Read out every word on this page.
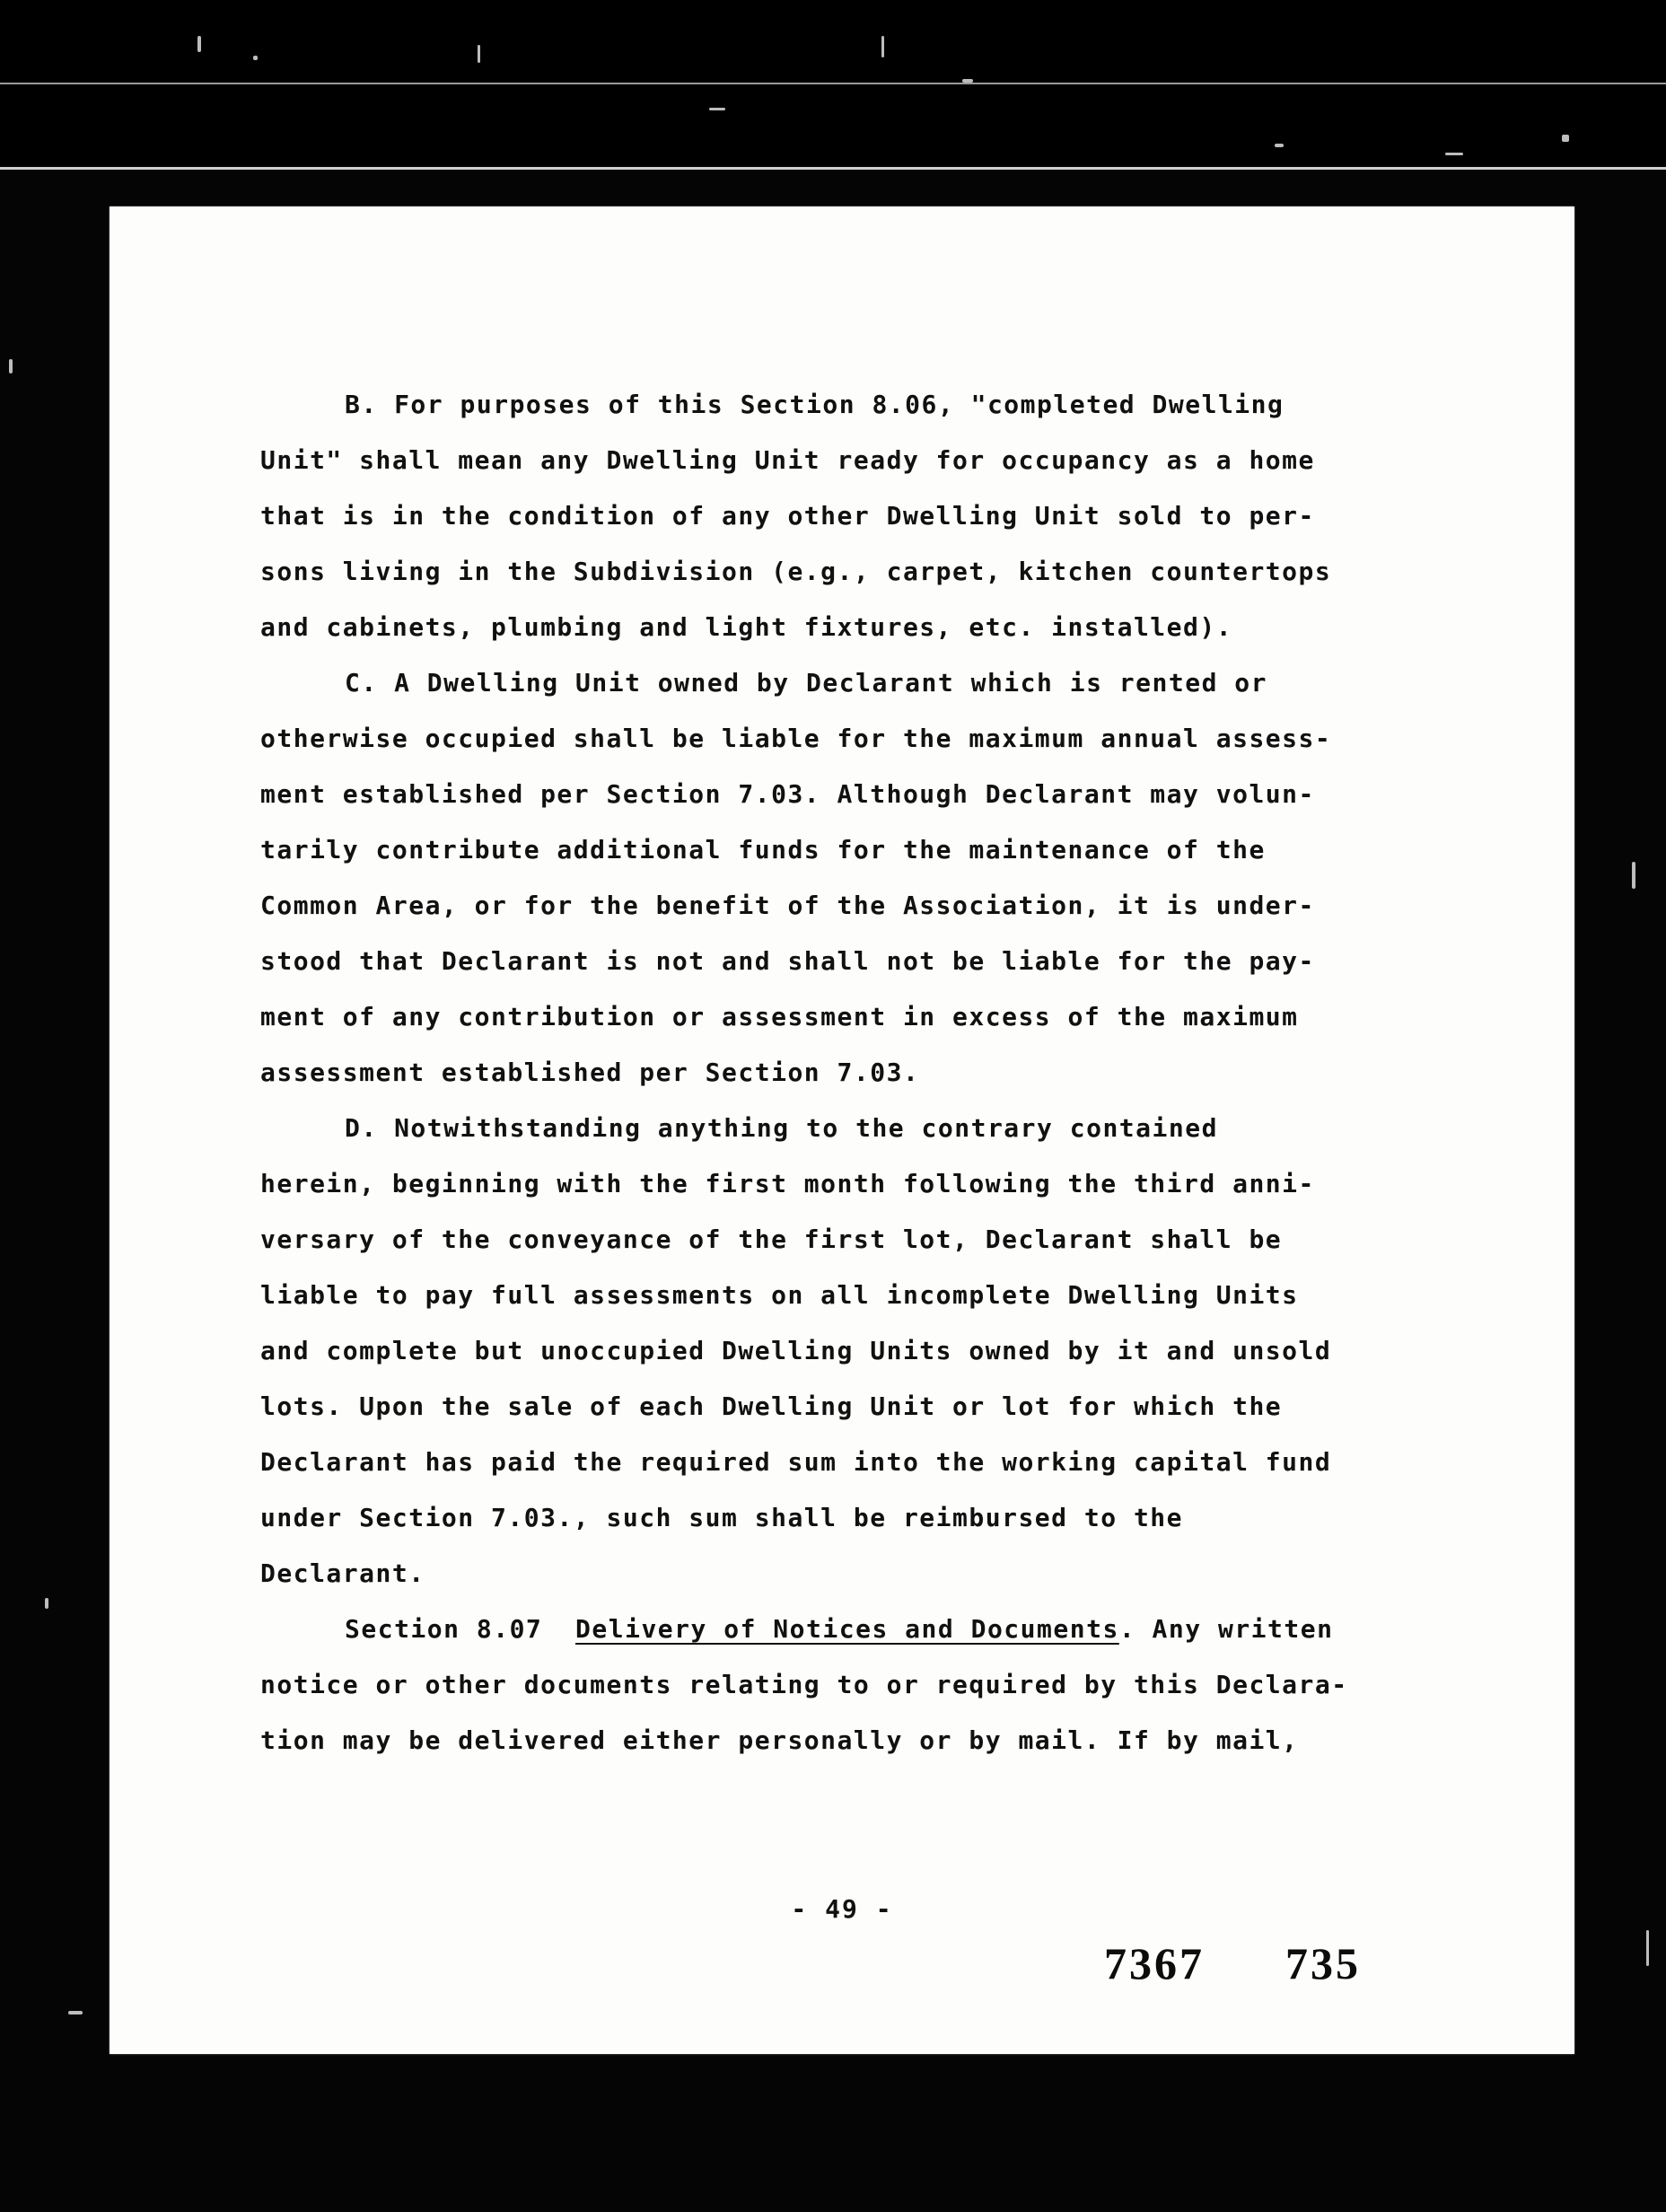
B. For purposes of this Section 8.06, "completed Dwelling
Unit" shall mean any Dwelling Unit ready for occupancy as a home
that is in the condition of any other Dwelling Unit sold to per-
sons living in the Subdivision (e.g., carpet, kitchen countertops
and cabinets, plumbing and light fixtures, etc. installed).
C. A Dwelling Unit owned by Declarant which is rented or
otherwise occupied shall be liable for the maximum annual assess-
ment established per Section 7.03. Although Declarant may volun-
tarily contribute additional funds for the maintenance of the
Common Area, or for the benefit of the Association, it is under-
stood that Declarant is not and shall not be liable for the pay-
ment of any contribution or assessment in excess of the maximum
assessment established per Section 7.03.
D. Notwithstanding anything to the contrary contained
herein, beginning with the first month following the third anni-
versary of the conveyance of the first lot, Declarant shall be
liable to pay full assessments on all incomplete Dwelling Units
and complete but unoccupied Dwelling Units owned by it and unsold
lots. Upon the sale of each Dwelling Unit or lot for which the
Declarant has paid the required sum into the working capital fund
under Section 7.03., such sum shall be reimbursed to the
Declarant.
Section 8.07 Delivery of Notices and Documents. Any written
notice or other documents relating to or required by this Declara-
tion may be delivered either personally or by mail. If by mail,
- 49 -
7367 735
